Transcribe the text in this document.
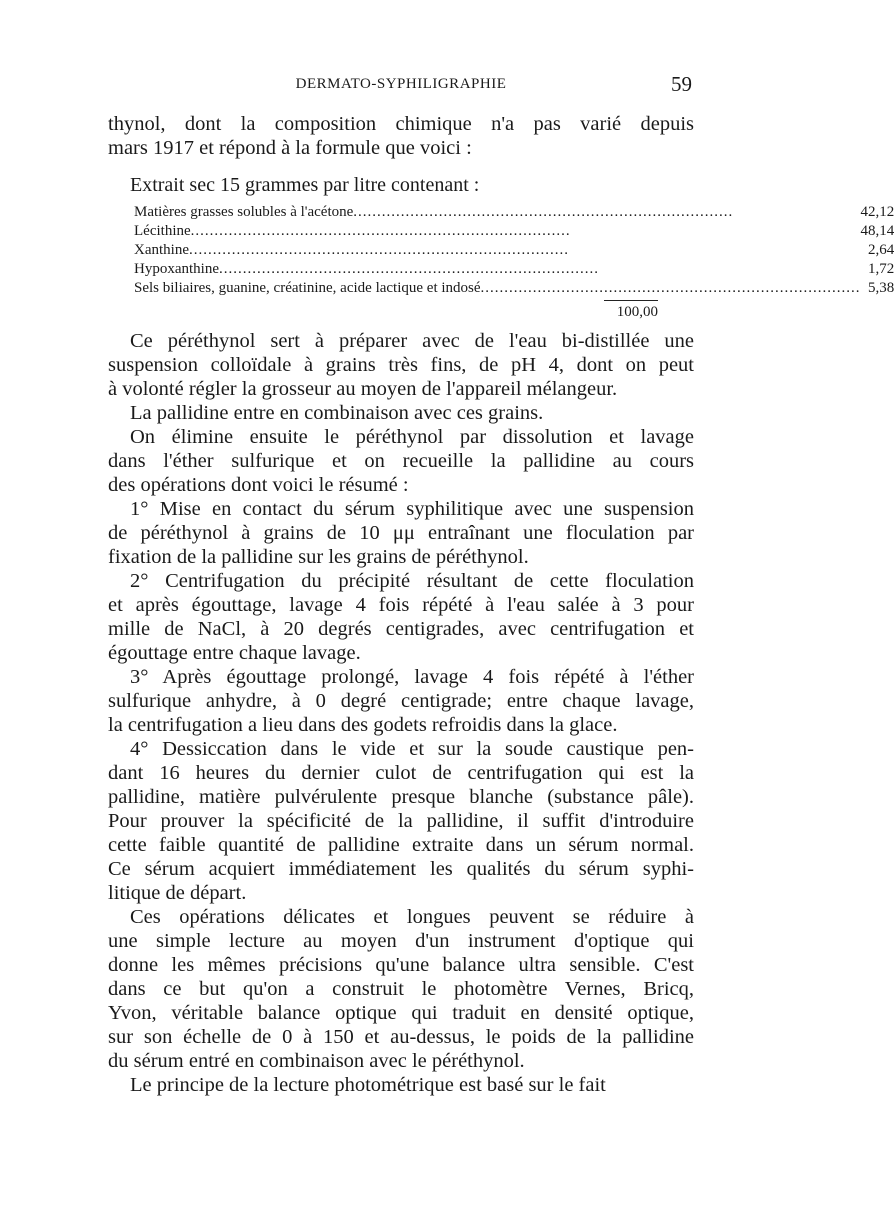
DERMATO-SYPHILIGRAPHIE	59

thynol, dont la composition chimique n'a pas varié depuis
mars 1917 et répond à la formule que voici :

Extrait sec 15 grammes par litre contenant :
Matières grasses solubles à l'acétone................................................................................	42,12
Lécithine................................................................................	48,14
Xanthine................................................................................	2,64
Hypoxanthine................................................................................	1,72
Sels biliaires, guanine, créatinine, acide lactique et indosé................................................................................	5,38
100,00

Ce péréthynol sert à préparer avec de l'eau bi-distillée une
suspension colloïdale à grains très fins, de pH 4, dont on peut
à volonté régler la grosseur au moyen de l'appareil mélangeur.

La pallidine entre en combinaison avec ces grains.

On élimine ensuite le péréthynol par dissolution et lavage
dans l'éther sulfurique et on recueille la pallidine au cours
des opérations dont voici le résumé :

1° Mise en contact du sérum syphilitique avec une suspension
de péréthynol à grains de 10 μμ entraînant une floculation par
fixation de la pallidine sur les grains de péréthynol.

2° Centrifugation du précipité résultant de cette floculation
et après égouttage, lavage 4 fois répété à l'eau salée à 3 pour
mille de NaCl, à 20 degrés centigrades, avec centrifugation et
égouttage entre chaque lavage.

3° Après égouttage prolongé, lavage 4 fois répété à l'éther
sulfurique anhydre, à 0 degré centigrade; entre chaque lavage,
la centrifugation a lieu dans des godets refroidis dans la glace.

4° Dessiccation dans le vide et sur la soude caustique pen-
dant 16 heures du dernier culot de centrifugation qui est la
pallidine, matière pulvérulente presque blanche (substance pâle).
Pour prouver la spécificité de la pallidine, il suffit d'introduire
cette faible quantité de pallidine extraite dans un sérum normal.
Ce sérum acquiert immédiatement les qualités du sérum syphi-
litique de départ.

Ces opérations délicates et longues peuvent se réduire à
une simple lecture au moyen d'un instrument d'optique qui
donne les mêmes précisions qu'une balance ultra sensible. C'est
dans ce but qu'on a construit le photomètre Vernes, Bricq,
Yvon, véritable balance optique qui traduit en densité optique,
sur son échelle de 0 à 150 et au-dessus, le poids de la pallidine
du sérum entré en combinaison avec le péréthynol.

Le principe de la lecture photométrique est basé sur le fait
